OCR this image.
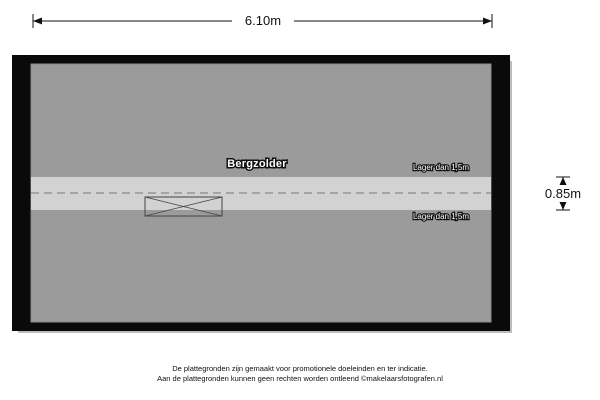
6.10m
Bergzolder	Lager dan 1,5m
Lager dan 1,5m
0.85m
De plattegronden zijn gemaakt voor promotionele doeleinden en ter indicatie.
Aan de plattegronden kunnen geen rechten worden ontleend ©makelaarsfotografen.nl
